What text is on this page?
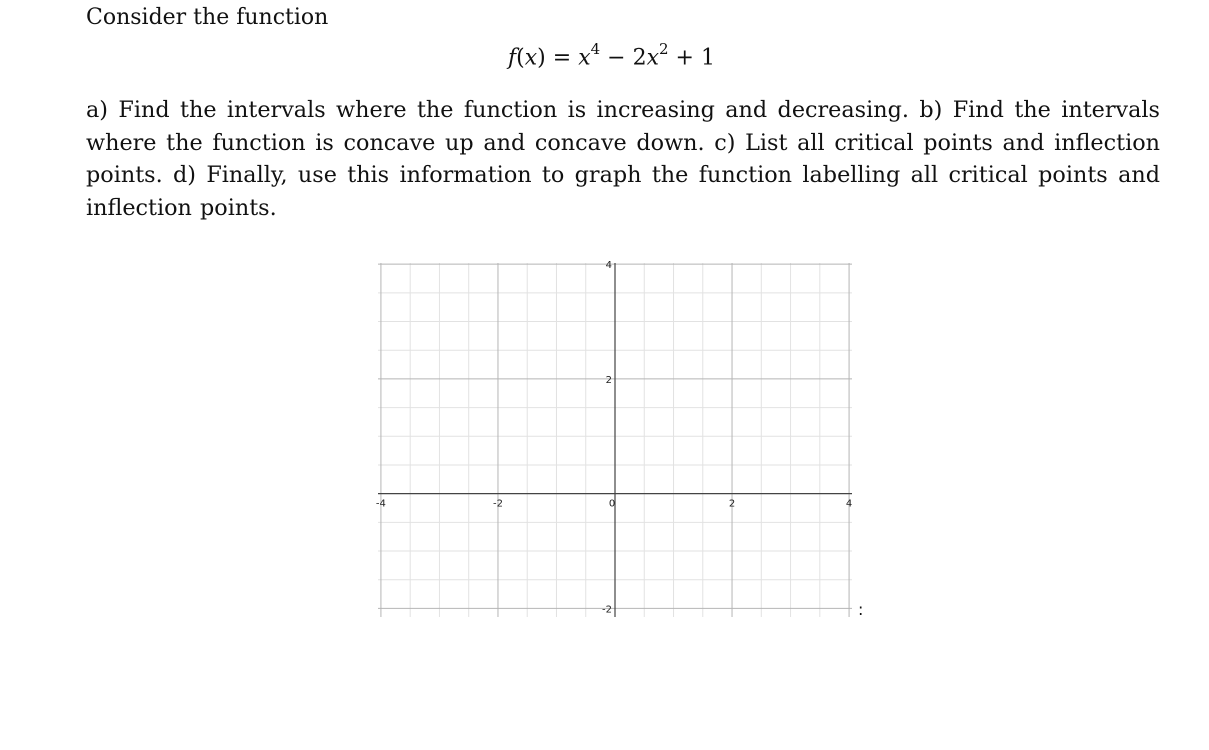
Consider the function

$f(x) = x^4 - 2x^2 + 1$

a) Find the intervals where the function is increasing and decreasing. b) Find the intervals where the function is concave up and concave down. c) List all critical points and inflection points. d) Finally, use this information to graph the function labelling all critical points and inflection points.

-4	-2	0	2	4
4
2
-2	:
